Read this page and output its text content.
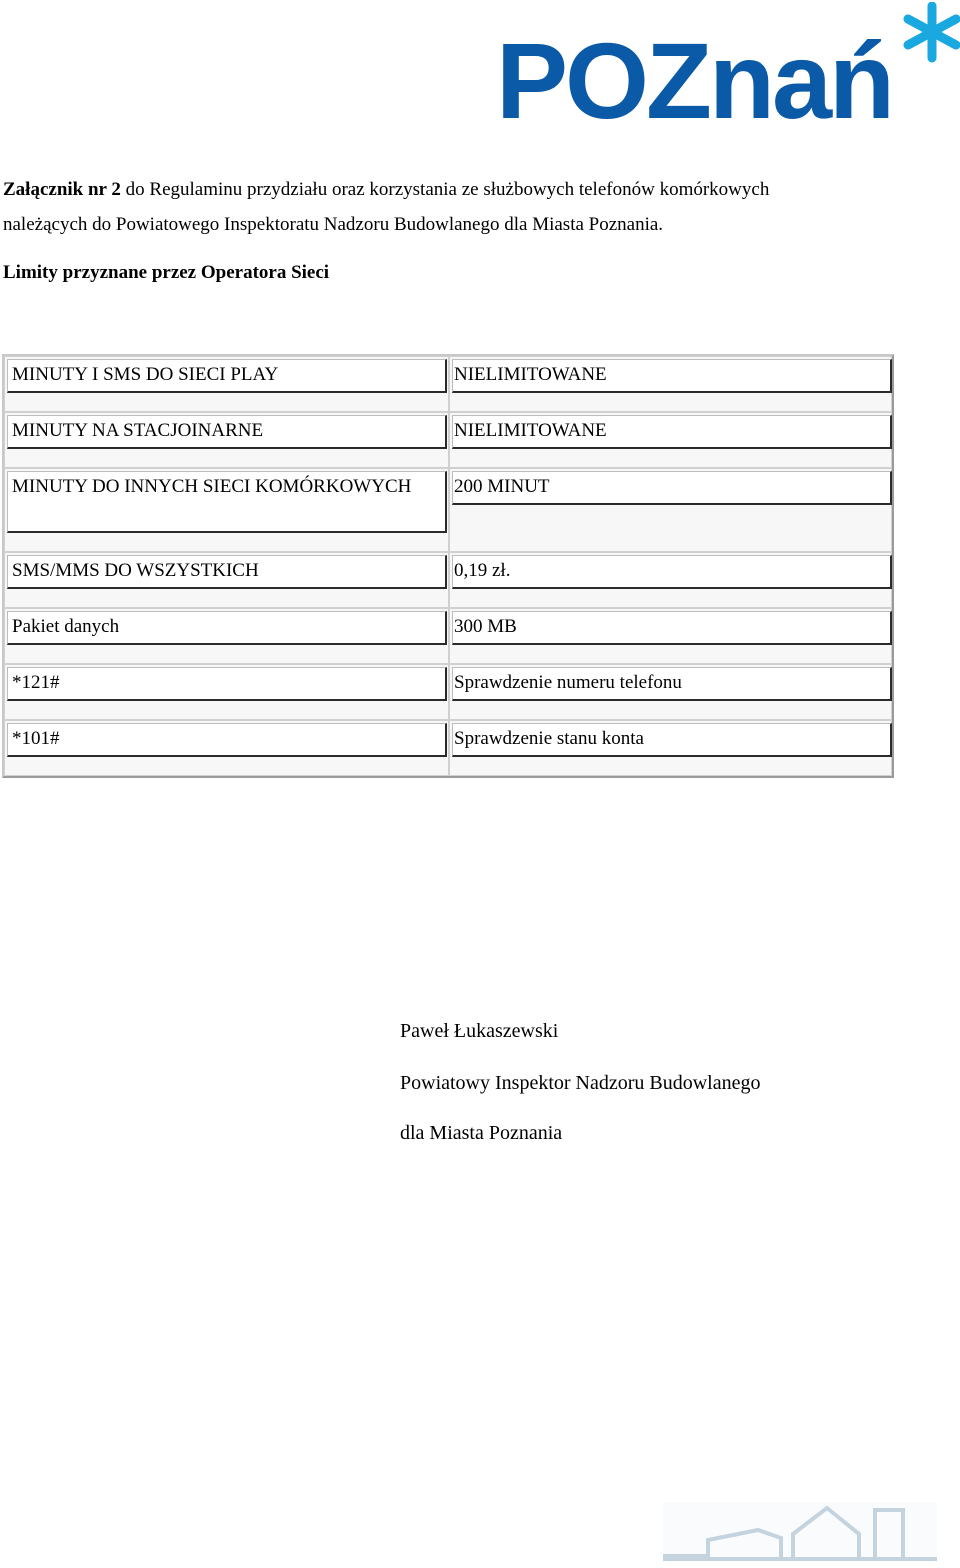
POZnań
Załącznik nr 2 do Regulaminu przydziału oraz korzystania ze służbowych telefonów komórkowych
należących do Powiatowego Inspektoratu Nadzoru Budowlanego dla Miasta Poznania.
Limity przyznane przez Operatora Sieci
MINUTY I SMS DO SIECI PLAY	NIELIMITOWANE
MINUTY NA STACJOINARNE	NIELIMITOWANE
MINUTY DO INNYCH SIECI KOMÓRKOWYCH	200 MINUT
SMS/MMS DO WSZYSTKICH	0,19 zł.
Pakiet danych	300 MB
*121#	Sprawdzenie numeru telefonu
*101#	Sprawdzenie stanu konta
Paweł Łukaszewski
Powiatowy Inspektor Nadzoru Budowlanego
dla Miasta Poznania
